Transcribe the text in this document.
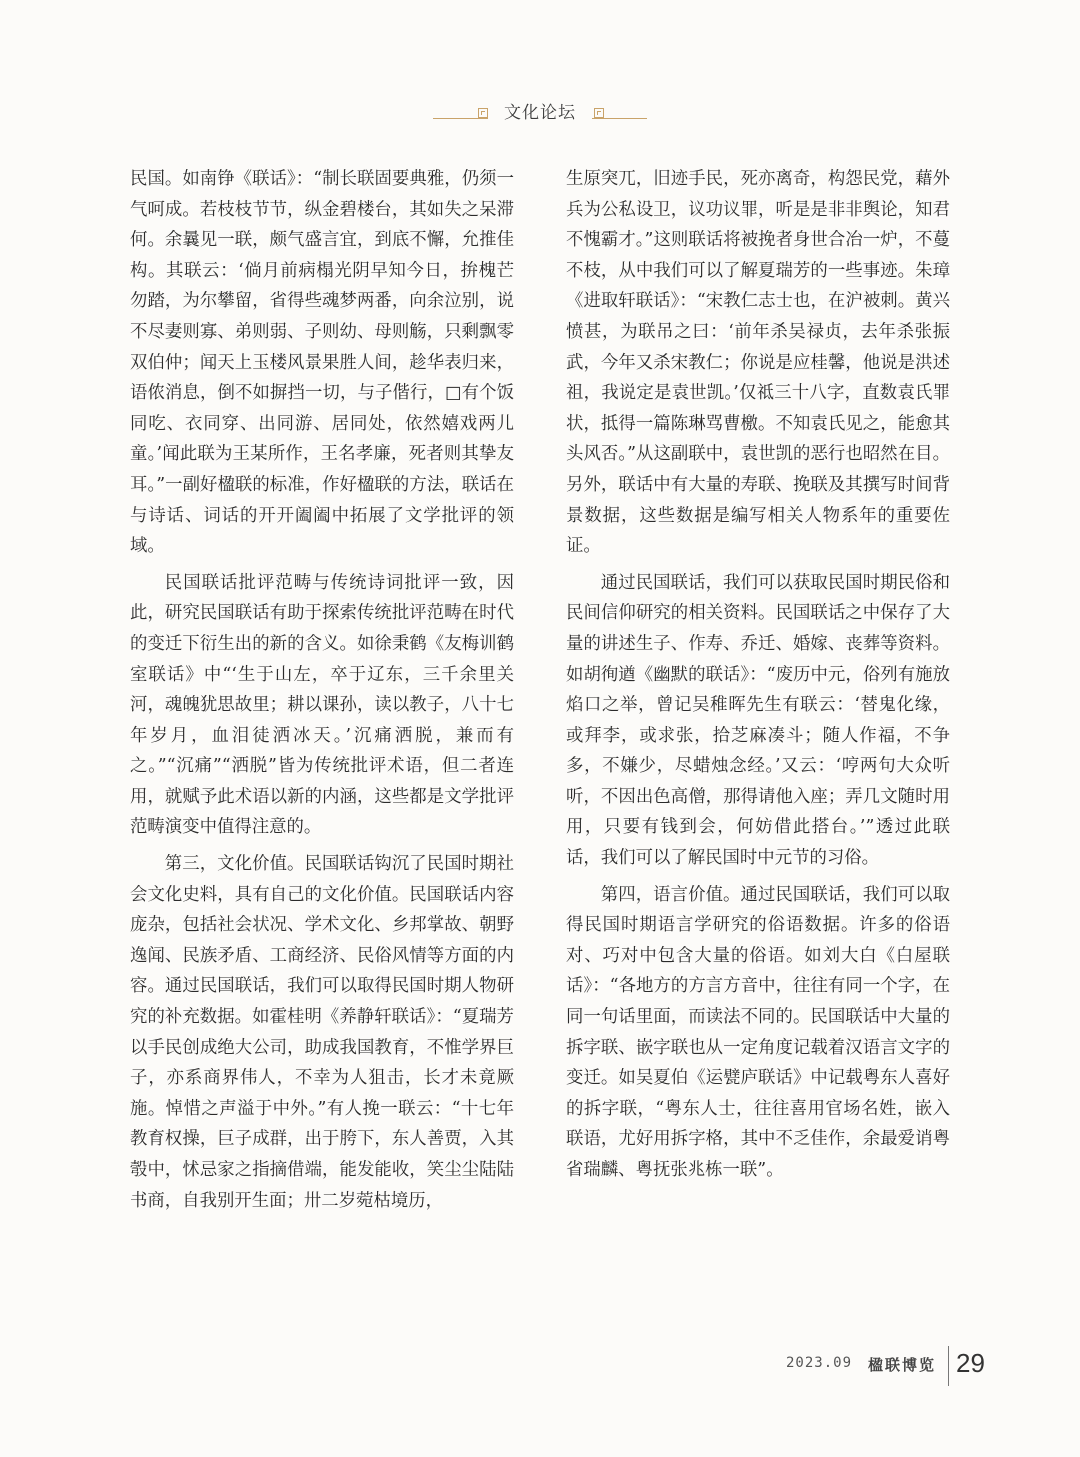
文化论坛

民国。如南铮《联话》：“制长联固要典雅，仍须一气呵成。若枝枝节节，纵金碧楼台，其如失之呆滞何。余曩见一联，颇气盛言宜，到底不懈，允推佳构。其联云：‘倘月前病榻光阴早知今日，拚槐芒勿踏，为尔攀留，省得些魂梦两番，向余泣别，说不尽妻则寡、弟则弱、子则幼、母则觞，只剩飘零双伯仲；闻天上玉楼风景果胜人间，趁华表归来，语侬消息，倒不如摒挡一切，与子偕行，□有个饭同吃、衣同穿、出同游、居同处，依然嬉戏两儿童。’闻此联为王某所作，王名孝廉，死者则其挚友耳。”一副好楹联的标准，作好楹联的方法，联话在与诗话、词话的开开阖阖中拓展了文学批评的领域。

民国联话批评范畴与传统诗词批评一致，因此，研究民国联话有助于探索传统批评范畴在时代的变迁下衍生出的新的含义。如徐秉鹤《友梅训鹤室联话》中“‘生于山左，卒于辽东，三千余里关河，魂魄犹思故里；耕以课孙，读以教子，八十七年岁月，血泪徒洒冰天。’沉痛洒脱，兼而有之。”“沉痛”“洒脱”皆为传统批评术语，但二者连用，就赋予此术语以新的内涵，这些都是文学批评范畴演变中值得注意的。

第三，文化价值。民国联话钩沉了民国时期社会文化史料，具有自己的文化价值。民国联话内容庞杂，包括社会状况、学术文化、乡邦掌故、朝野逸闻、民族矛盾、工商经济、民俗风情等方面的内容。通过民国联话，我们可以取得民国时期人物研究的补充数据。如霍桂明《养静轩联话》：“夏瑞芳以手民创成绝大公司，助成我国教育，不惟学界巨子，亦系商界伟人，不幸为人狙击，长才未竟厥施。悼惜之声溢于中外。”有人挽一联云：“十七年教育权操，巨子成群，出于胯下，东人善贾，入其彀中，怵忌家之指摘借端，能发能收，笑尘尘陆陆书商，自我别开生面；卅二岁菀枯境历，

生原突兀，旧迹手民，死亦离奇，构怨民党，藉外兵为公私设卫，议功议罪，听是是非非舆论，知君不愧霸才。”这则联话将被挽者身世合冶一炉，不蔓不枝，从中我们可以了解夏瑞芳的一些事迹。朱璋《进取轩联话》：“宋教仁志士也，在沪被刺。黄兴愤甚，为联吊之曰：‘前年杀吴禄贞，去年杀张振武，今年又杀宋教仁；你说是应桂馨，他说是洪述祖，我说定是袁世凯。’仅祗三十八字，直数袁氏罪状，抵得一篇陈琳骂曹檄。不知袁氏见之，能愈其头风否。”从这副联中，袁世凯的恶行也昭然在目。另外，联话中有大量的寿联、挽联及其撰写时间背景数据，这些数据是编写相关人物系年的重要佐证。

通过民国联话，我们可以获取民国时期民俗和民间信仰研究的相关资料。民国联话之中保存了大量的讲述生子、作寿、乔迁、婚嫁、丧葬等资料。如胡徇遒《幽默的联话》：“废历中元，俗列有施放焰口之举，曾记吴稚晖先生有联云：‘替鬼化缘，或拜李，或求张，拾芝麻凑斗；随人作福，不争多，不嫌少，尽蜡烛念经。’又云：‘哼两句大众听听，不因出色高僧，那得请他入座；弄几文随时用用，只要有钱到会，何妨借此搭台。’”透过此联话，我们可以了解民国时中元节的习俗。

第四，语言价值。通过民国联话，我们可以取得民国时期语言学研究的俗语数据。许多的俗语对、巧对中包含大量的俗语。如刘大白《白屋联话》：“各地方的方言方音中，往往有同一个字，在同一句话里面，而读法不同的。民国联话中大量的拆字联、嵌字联也从一定角度记载着汉语言文字的变迁。如吴夏伯《运甓庐联话》中记载粤东人喜好的拆字联，“粤东人士，往往喜用官场名姓，嵌入联语，尤好用拆字格，其中不乏佳作，余最爱诮粤省瑞麟、粤抚张兆栋一联”。

2023.09 楹联博览 29
